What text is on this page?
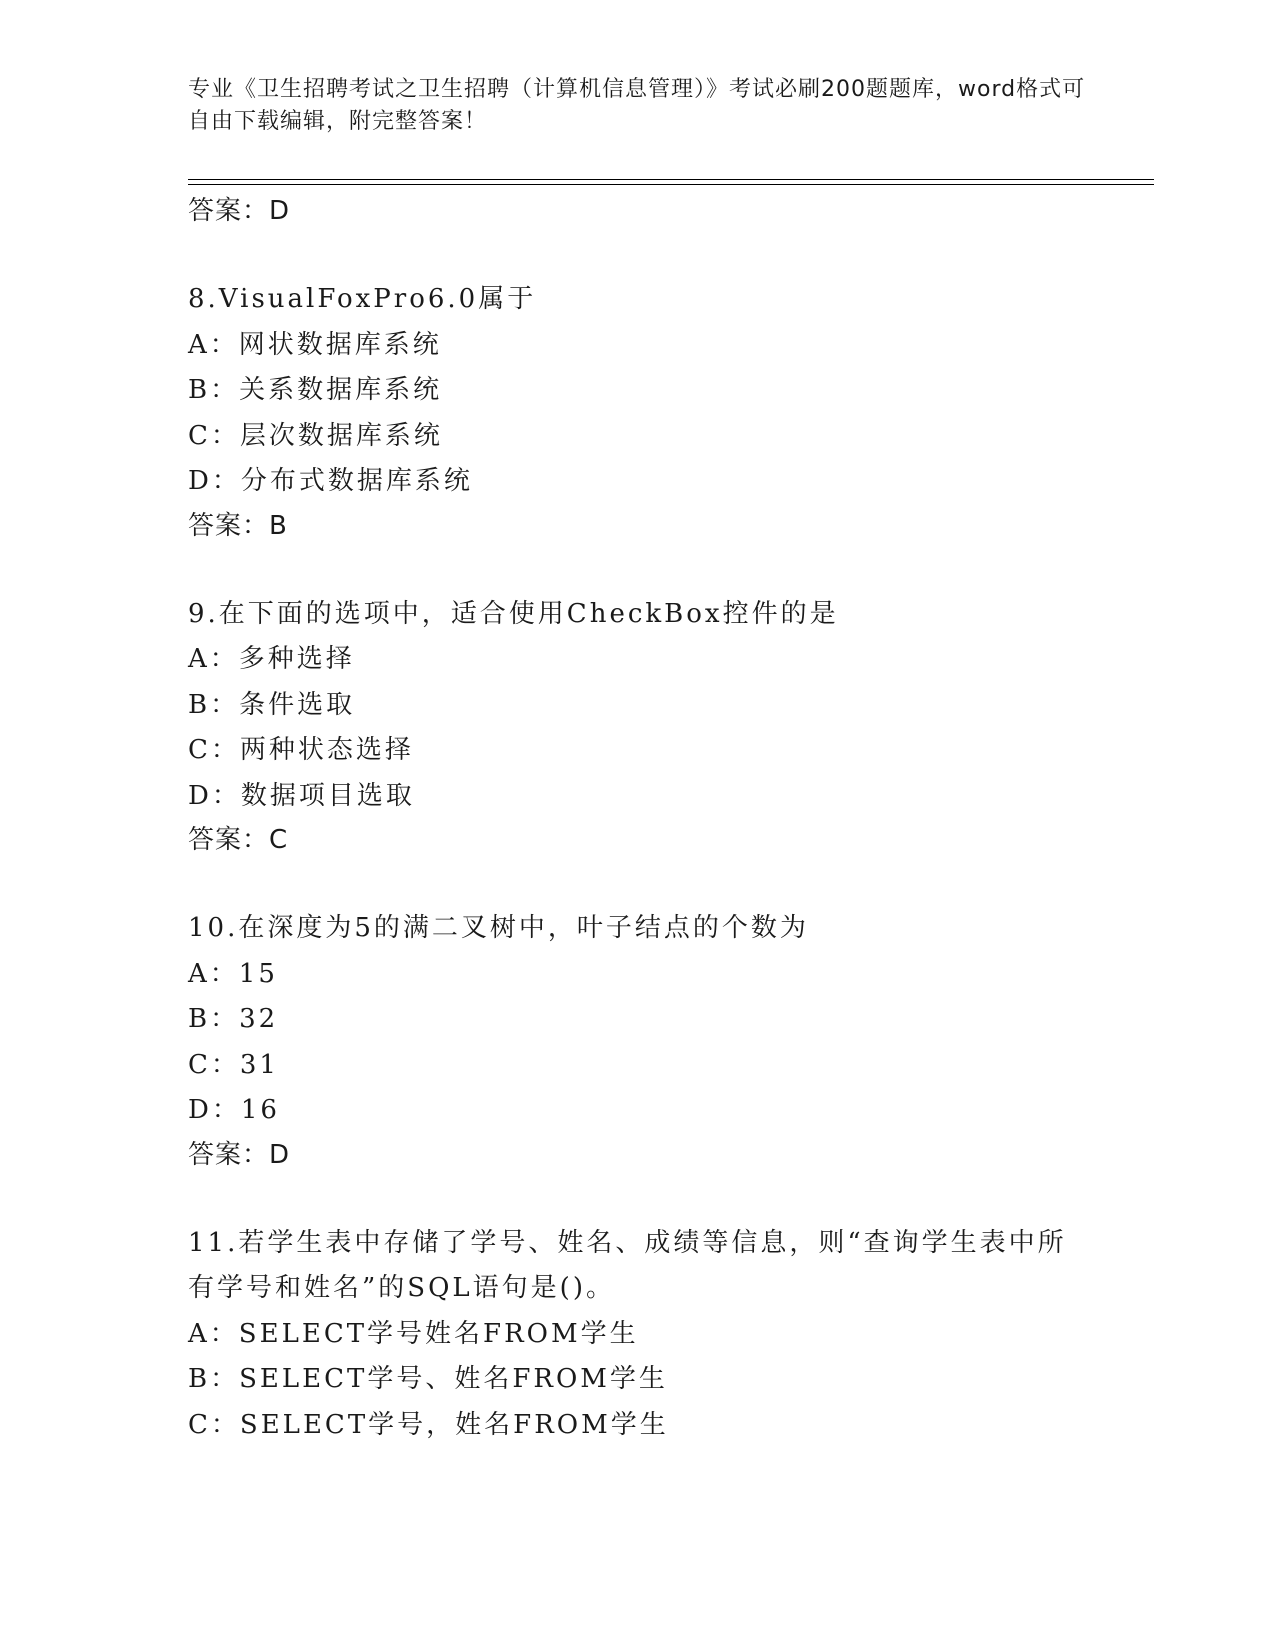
专业《卫生招聘考试之卫生招聘（计算机信息管理）》考试必刷200题题库，word格式可自由下载编辑，附完整答案！
答案：D
8.VisualFoxPro6.0属于
A：网状数据库系统
B：关系数据库系统
C：层次数据库系统
D：分布式数据库系统
答案：B
9.在下面的选项中，适合使用CheckBox控件的是
A：多种选择
B：条件选取
C：两种状态选择
D：数据项目选取
答案：C
10.在深度为5的满二叉树中，叶子结点的个数为
A：15
B：32
C：31
D：16
答案：D
11.若学生表中存储了学号、姓名、成绩等信息，则“查询学生表中所有学号和姓名”的SQL语句是()。
A：SELECT学号姓名FROM学生
B：SELECT学号、姓名FROM学生
C：SELECT学号，姓名FROM学生
